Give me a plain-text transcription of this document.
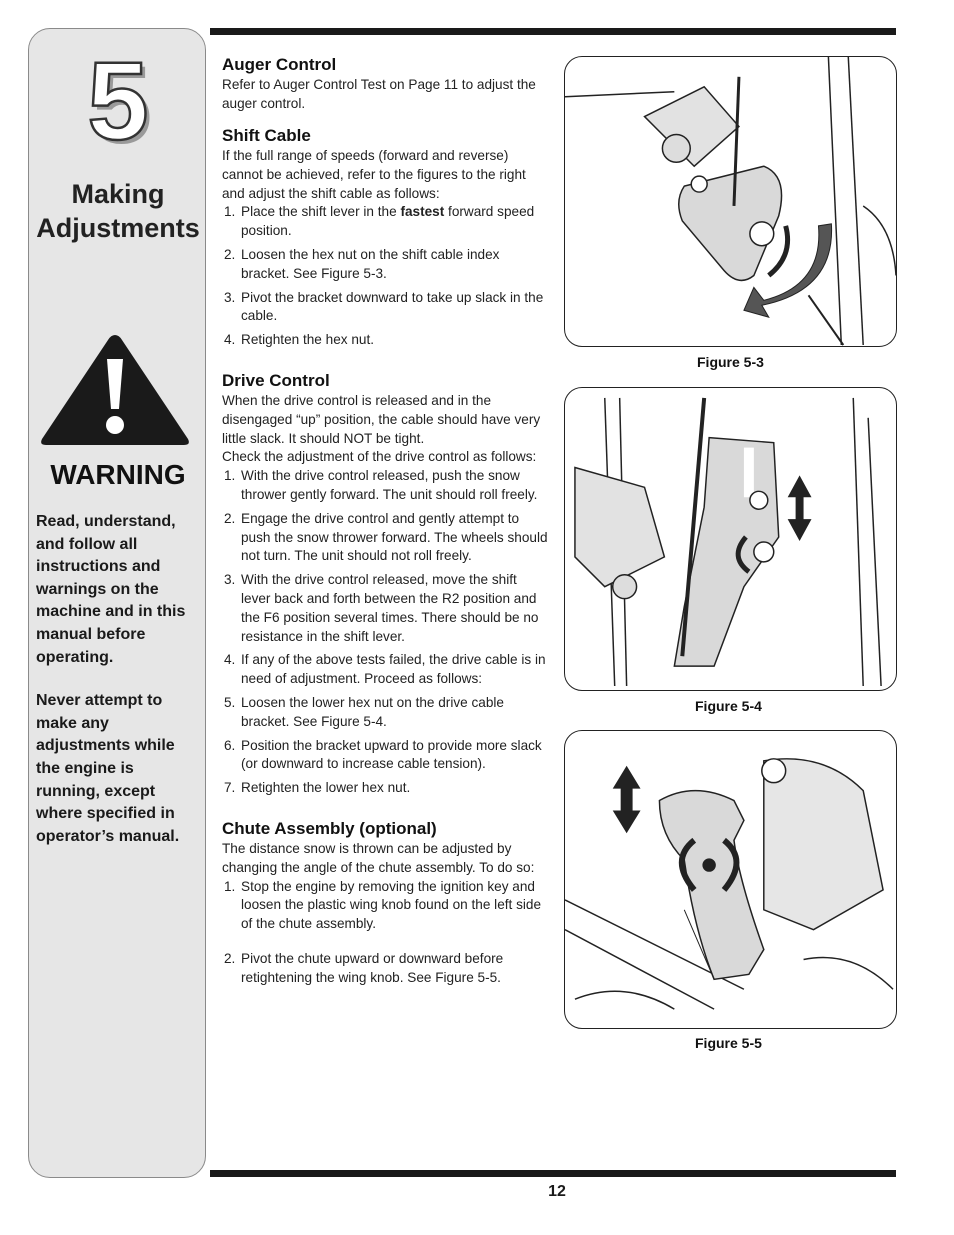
5
Making
Adjustments
WARNING

Read, understand, and follow all instructions and warnings on the machine and in this manual before operating.

Never attempt to make any adjustments while the engine is running, except where specified in operator’s manual.

Auger Control

Refer to Auger Control Test on Page 11 to adjust the auger control.

Shift Cable

If the full range of speeds (forward and reverse) cannot be achieved, refer to the figures to the right and adjust the shift cable as follows:

1. Place the shift lever in the fastest forward speed position.
2. Loosen the hex nut on the shift cable index bracket. See Figure 5-3.
3. Pivot the bracket downward to take up slack in the cable.
4. Retighten the hex nut.
Drive Control

When the drive control is released and in the disengaged “up” position, the cable should have very little slack. It should NOT be tight.

Check the adjustment of the drive control as follows:

1. With the drive control released, push the snow thrower gently forward. The unit should roll freely.
2. Engage the drive control and gently attempt to push the snow thrower forward. The wheels should not turn. The unit should not roll freely.
3. With the drive control released, move the shift lever back and forth between the R2 position and the F6 position several times. There should be no resistance in the shift lever.
4. If any of the above tests failed, the drive cable is in need of adjustment. Proceed as follows:
5. Loosen the lower hex nut on the drive cable bracket. See Figure 5-4.
6. Position the bracket upward to provide more slack (or downward to increase cable tension).
7. Retighten the lower hex nut.
Chute Assembly (optional)

The distance snow is thrown can be adjusted by changing the angle of the chute assembly. To do so:

1. Stop the engine by removing the ignition key and loosen the plastic wing knob found on the left side of the chute assembly.
2. Pivot the chute upward or downward before retightening the wing knob. See Figure 5-5.
Figure 5-3
Figure 5-4
Figure 5-5
12
